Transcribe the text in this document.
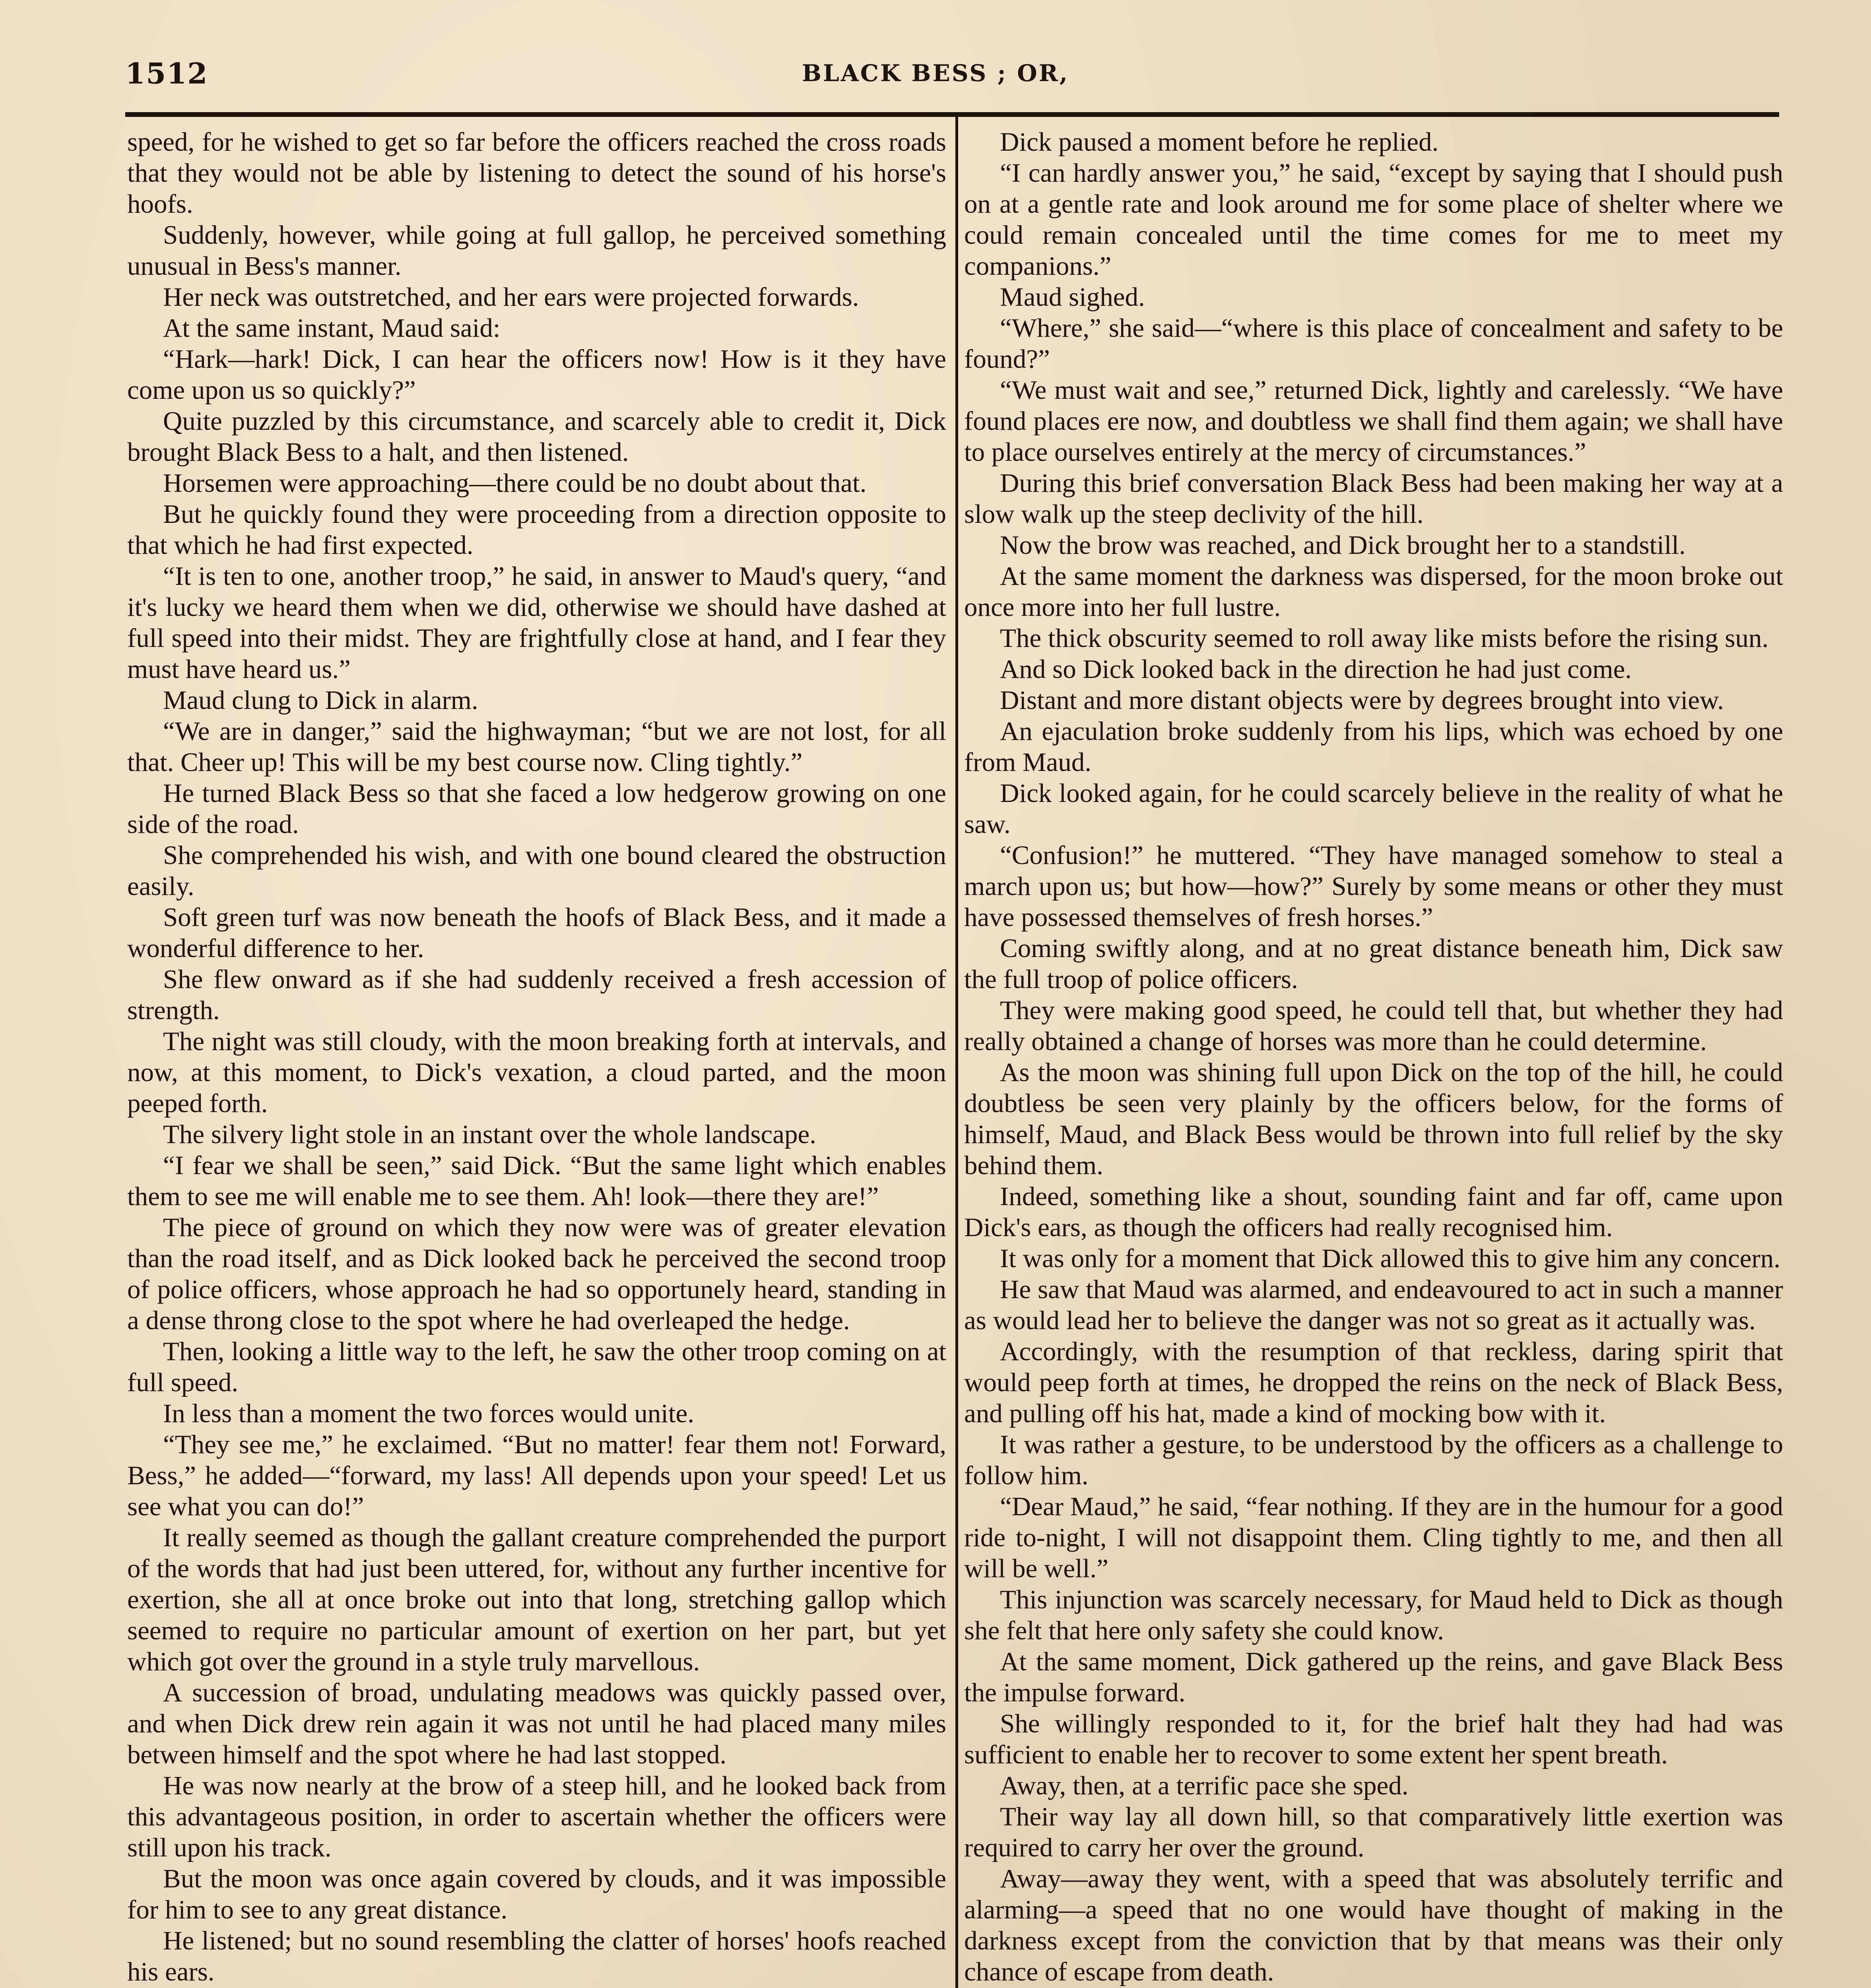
1512	BLACK BESS ; OR,

speed, for he wished to get so far before the officers reached the cross roads that they would not be able by listening to detect the sound of his horse's hoofs.

Suddenly, however, while going at full gallop, he perceived something unusual in Bess's manner.

Her neck was outstretched, and her ears were projected forwards.

At the same instant, Maud said:

“Hark—hark! Dick, I can hear the officers now! How is it they have come upon us so quickly?”

Quite puzzled by this circumstance, and scarcely able to credit it, Dick brought Black Bess to a halt, and then listened.

Horsemen were approaching—there could be no doubt about that.

But he quickly found they were proceeding from a direction opposite to that which he had first expected.

“It is ten to one, another troop,” he said, in answer to Maud's query, “and it's lucky we heard them when we did, otherwise we should have dashed at full speed into their midst. They are frightfully close at hand, and I fear they must have heard us.”

Maud clung to Dick in alarm.

“We are in danger,” said the highwayman; “but we are not lost, for all that. Cheer up! This will be my best course now. Cling tightly.”

He turned Black Bess so that she faced a low hedgerow growing on one side of the road.

She comprehended his wish, and with one bound cleared the obstruction easily.

Soft green turf was now beneath the hoofs of Black Bess, and it made a wonderful difference to her.

She flew onward as if she had suddenly received a fresh accession of strength.

The night was still cloudy, with the moon breaking forth at intervals, and now, at this moment, to Dick's vexation, a cloud parted, and the moon peeped forth.

The silvery light stole in an instant over the whole landscape.

“I fear we shall be seen,” said Dick. “But the same light which enables them to see me will enable me to see them. Ah! look—there they are!”

The piece of ground on which they now were was of greater elevation than the road itself, and as Dick looked back he perceived the second troop of police officers, whose approach he had so opportunely heard, standing in a dense throng close to the spot where he had overleaped the hedge.

Then, looking a little way to the left, he saw the other troop coming on at full speed.

In less than a moment the two forces would unite.

“They see me,” he exclaimed. “But no matter! fear them not! Forward, Bess,” he added—“forward, my lass! All depends upon your speed! Let us see what you can do!”

It really seemed as though the gallant creature comprehended the purport of the words that had just been uttered, for, without any further incentive for exertion, she all at once broke out into that long, stretching gallop which seemed to require no particular amount of exertion on her part, but yet which got over the ground in a style truly marvellous.

A succession of broad, undulating meadows was quickly passed over, and when Dick drew rein again it was not until he had placed many miles between himself and the spot where he had last stopped.

He was now nearly at the brow of a steep hill, and he looked back from this advantageous position, in order to ascertain whether the officers were still upon his track.

But the moon was once again covered by clouds, and it was impossible for him to see to any great distance.

He listened; but no sound resembling the clatter of horses' hoofs reached his ears.

Dick paused a moment before he replied.

“I can hardly answer you,” he said, “except by saying that I should push on at a gentle rate and look around me for some place of shelter where we could remain concealed until the time comes for me to meet my companions.”

Maud sighed.

“Where,” she said—“where is this place of concealment and safety to be found?”

“We must wait and see,” returned Dick, lightly and carelessly. “We have found places ere now, and doubtless we shall find them again; we shall have to place ourselves entirely at the mercy of circumstances.”

During this brief conversation Black Bess had been making her way at a slow walk up the steep declivity of the hill.

Now the brow was reached, and Dick brought her to a standstill.

At the same moment the darkness was dispersed, for the moon broke out once more into her full lustre.

The thick obscurity seemed to roll away like mists before the rising sun.

And so Dick looked back in the direction he had just come.

Distant and more distant objects were by degrees brought into view.

An ejaculation broke suddenly from his lips, which was echoed by one from Maud.

Dick looked again, for he could scarcely believe in the reality of what he saw.

“Confusion!” he muttered. “They have managed somehow to steal a march upon us; but how—how?” Surely by some means or other they must have possessed themselves of fresh horses.”

Coming swiftly along, and at no great distance beneath him, Dick saw the full troop of police officers.

They were making good speed, he could tell that, but whether they had really obtained a change of horses was more than he could determine.

As the moon was shining full upon Dick on the top of the hill, he could doubtless be seen very plainly by the officers below, for the forms of himself, Maud, and Black Bess would be thrown into full relief by the sky behind them.

Indeed, something like a shout, sounding faint and far off, came upon Dick's ears, as though the officers had really recognised him.

It was only for a moment that Dick allowed this to give him any concern.

He saw that Maud was alarmed, and endeavoured to act in such a manner as would lead her to believe the danger was not so great as it actually was.

Accordingly, with the resumption of that reckless, daring spirit that would peep forth at times, he dropped the reins on the neck of Black Bess, and pulling off his hat, made a kind of mocking bow with it.

It was rather a gesture, to be understood by the officers as a challenge to follow him.

“Dear Maud,” he said, “fear nothing. If they are in the humour for a good ride to-night, I will not disappoint them. Cling tightly to me, and then all will be well.”

This injunction was scarcely necessary, for Maud held to Dick as though she felt that here only safety she could know.

At the same moment, Dick gathered up the reins, and gave Black Bess the impulse forward.

She willingly responded to it, for the brief halt they had had was sufficient to enable her to recover to some extent her spent breath.

Away, then, at a terrific pace she sped.

Their way lay all down hill, so that comparatively little exertion was required to carry her over the ground.

Away—away they went, with a speed that was absolutely terrific and alarming—a speed that no one would have thought of making in the darkness except from the conviction that by that means was their only chance of escape from death.
